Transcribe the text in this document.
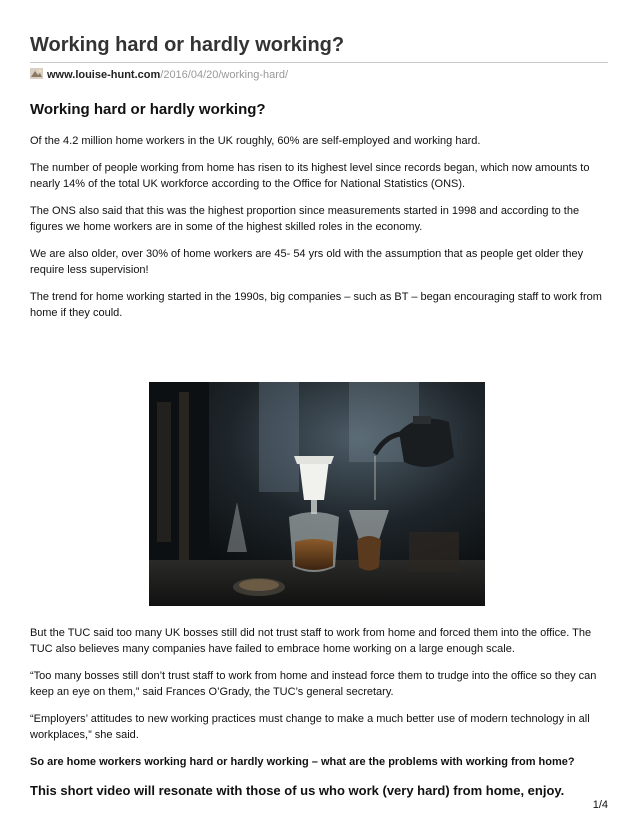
Working hard or hardly working?
www.louise-hunt.com/2016/04/20/working-hard/
Working hard or hardly working?

Of the 4.2 million home workers in the UK roughly, 60% are self-employed and working hard.

The number of people working from home has risen to its highest level since records began, which now amounts to nearly 14% of the total UK workforce according to the Office for National Statistics (ONS).

The ONS also said that this was the highest proportion since measurements started in 1998 and according to the figures we home workers are in some of the highest skilled roles in the economy.

We are also older, over 30% of home workers are 45- 54 yrs old with the assumption that as people get older they require less supervision!

The trend for home working started in the 1990s, big companies – such as BT – began encouraging staff to work from home if they could.

But the TUC said too many UK bosses still did not trust staff to work from home and forced them into the office. The TUC also believes many companies have failed to embrace home working on a large enough scale.

“Too many bosses still don’t trust staff to work from home and instead force them to trudge into the office so they can keep an eye on them,” said Frances O’Grady, the TUC’s general secretary.

“Employers’ attitudes to new working practices must change to make a much better use of modern technology in all workplaces,” she said.

So are home workers working hard or hardly working – what are the problems with working from home?

This short video will resonate with those of us who work (very hard) from home, enjoy.

1/4
